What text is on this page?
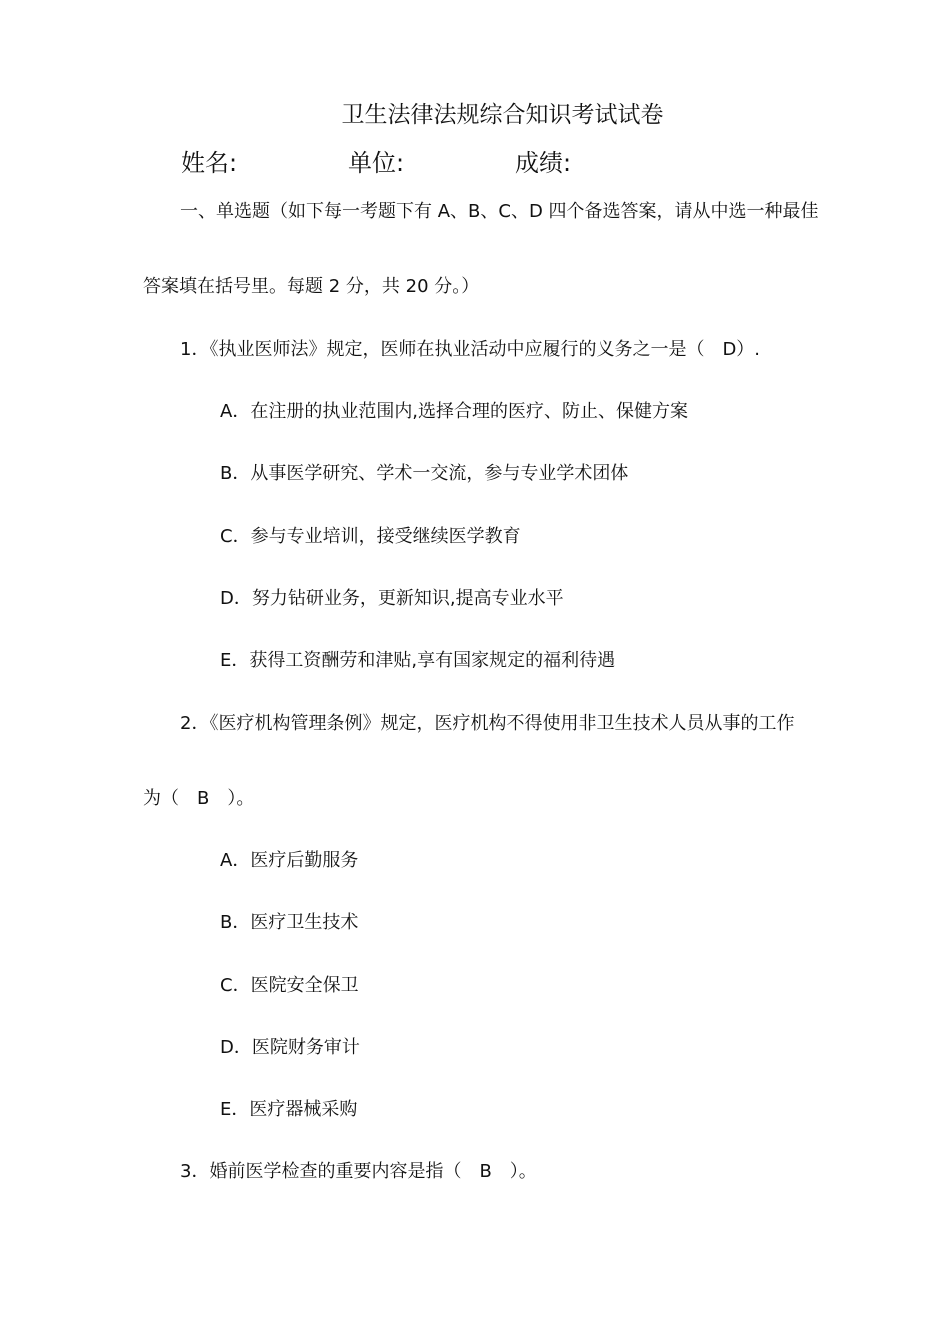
卫生法律法规综合知识考试试卷
姓名:	单位:	成绩:
一、单选题（如下每一考题下有 A、B、C、D 四个备选答案，请从中选一种最佳
答案填在括号里。每题 2 分，共 20 分。）
1．《执业医师法》规定，医师在执业活动中应履行的义务之一是（　D）.
A．在注册的执业范围内,选择合理的医疗、防止、保健方案
B．从事医学研究、学术一交流，参与专业学术团体
C．参与专业培训，接受继续医学教育
D．努力钻研业务，更新知识,提高专业水平
E．获得工资酬劳和津贴,享有国家规定的福利待遇
2．《医疗机构管理条例》规定，医疗机构不得使用非卫生技术人员从事的工作
为（　B　）。
A．医疗后勤服务
B．医疗卫生技术
C．医院安全保卫
D．医院财务审计
E．医疗器械采购
3．婚前医学检查的重要内容是指（　B　）。
